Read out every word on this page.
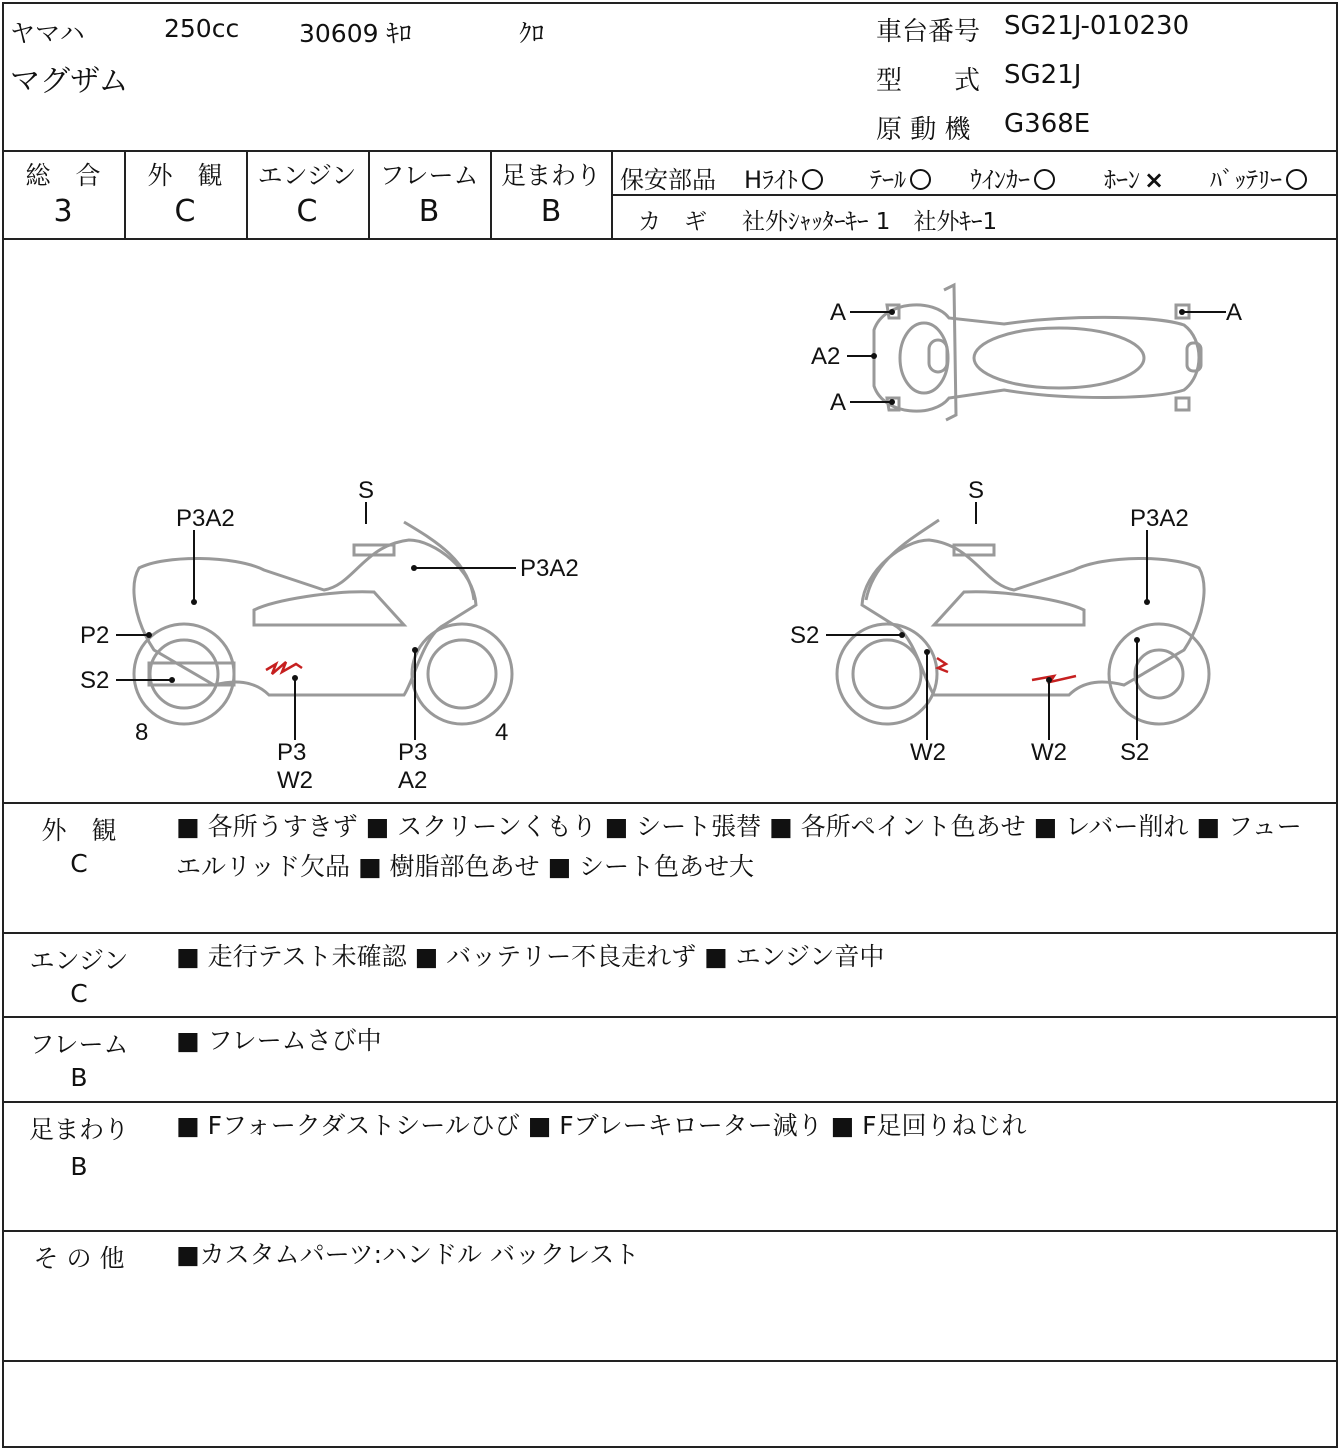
ヤマハ	250cc 30609 ｷﾛ	ｸﾛ
マグザム
車台番号 SG21J-010230
型　　式 SG21J
原 動 機 G368E
総　合
3
外　観
C
エンジン
C
フレーム
B
足まわり
B
保安部品 Hﾗｲﾄ	ﾃｰﾙ	ｳｲﾝｶｰ	ﾎｰﾝ × ﾊﾞｯﾃﾘｰ
カ　ギ 社外ｼｬｯﾀｰｷｰ 1　社外ｷｰ1
A
A2
A
A
S
P3A2
P3A2
P2
S2
8
P3
W2
P3
A2
4
S
P3A2
S2
W2	W2 S2
外　観
C
■ 各所うすきず ■ スクリーンくもり ■ シート張替 ■ 各所ペイント色あせ ■ レバー削れ ■ フューエルリッド欠品 ■ 樹脂部色あせ ■ シート色あせ大
エンジン
C
■ 走行テスト未確認 ■ バッテリー不良走れず ■ エンジン音中
フレーム
B
■ フレームさび中
足まわり
B
■ Fフォークダストシールひび ■ Fブレーキローター減り ■ F足回りねじれ
そ の 他	■カスタムパーツ:ハンドル バックレスト
